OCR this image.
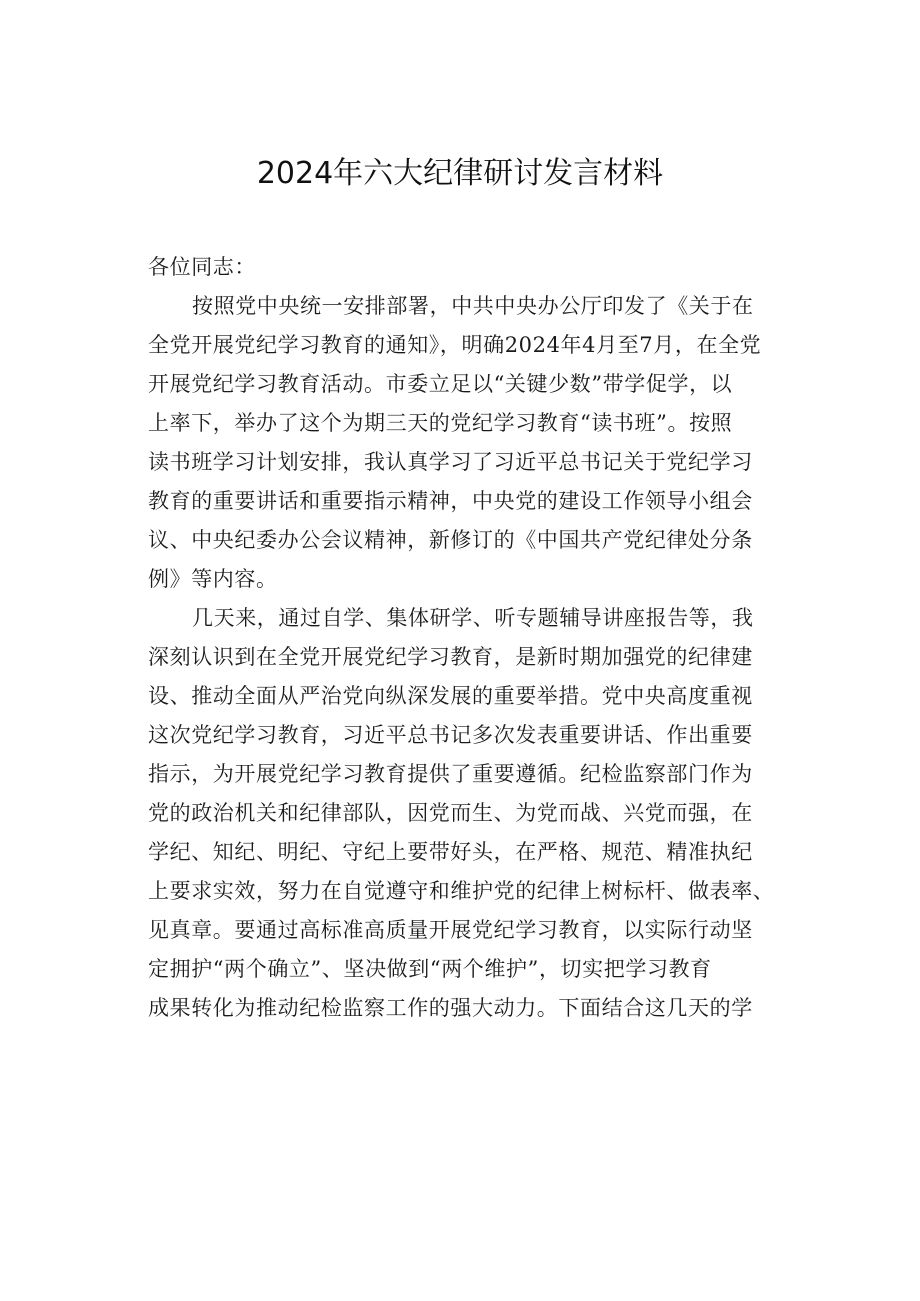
2024年六大纪律研讨发言材料
各位同志：
按照党中央统一安排部署，中共中央办公厅印发了《关于在
全党开展党纪学习教育的通知》，明确2024年4月至7月，在全党
开展党纪学习教育活动。市委立足以“关键少数”带学促学，以
上率下，举办了这个为期三天的党纪学习教育“读书班”。按照
读书班学习计划安排，我认真学习了习近平总书记关于党纪学习
教育的重要讲话和重要指示精神，中央党的建设工作领导小组会
议、中央纪委办公会议精神，新修订的《中国共产党纪律处分条
例》等内容。
几天来，通过自学、集体研学、听专题辅导讲座报告等，我
深刻认识到在全党开展党纪学习教育，是新时期加强党的纪律建
设、推动全面从严治党向纵深发展的重要举措。党中央高度重视
这次党纪学习教育，习近平总书记多次发表重要讲话、作出重要
指示，为开展党纪学习教育提供了重要遵循。纪检监察部门作为
党的政治机关和纪律部队，因党而生、为党而战、兴党而强，在
学纪、知纪、明纪、守纪上要带好头，在严格、规范、精准执纪
上要求实效，努力在自觉遵守和维护党的纪律上树标杆、做表率、
见真章。要通过高标准高质量开展党纪学习教育，以实际行动坚
定拥护“两个确立”、坚决做到“两个维护”，切实把学习教育
成果转化为推动纪检监察工作的强大动力。下面结合这几天的学
